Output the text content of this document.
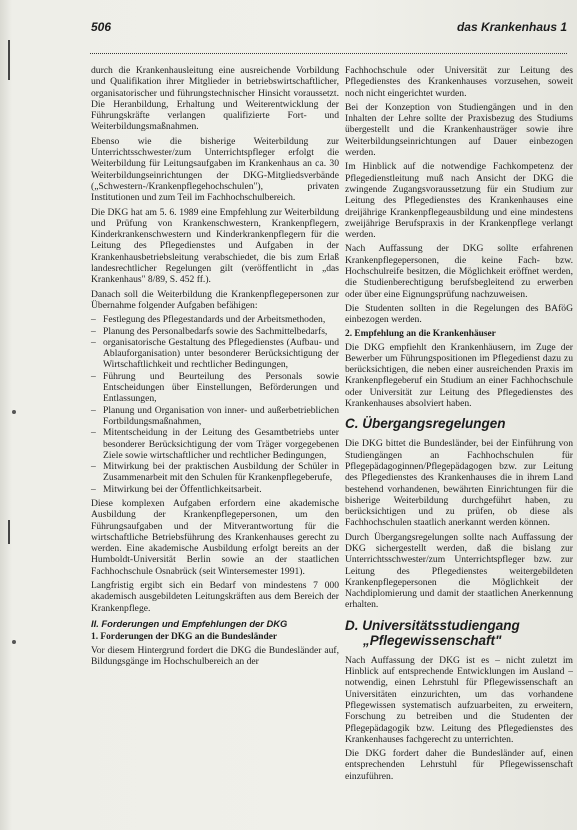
506	das Krankenhaus 1

durch die Krankenhausleitung eine ausreichende Vorbildung und Qualifikation ihrer Mitglieder in betriebswirtschaftlicher, organisatorischer und führungstechnischer Hinsicht voraussetzt. Die Heranbildung, Erhaltung und Weiterentwicklung der Führungskräfte verlangen qualifizierte Fort- und Weiterbildungsmaßnahmen.

Ebenso wie die bisherige Weiterbildung zur Unterrichtsschwester/zum Unterrichtspfleger erfolgt die Weiterbildung für Leitungsaufgaben im Krankenhaus an ca. 30 Weiterbildungseinrichtungen der DKG-Mitgliedsverbände („Schwestern-/Krankenpflegehochschulen"), privaten Institutionen und zum Teil im Fachhochschulbereich.

Die DKG hat am 5. 6. 1989 eine Empfehlung zur Weiterbildung und Prüfung von Krankenschwestern, Krankenpflegern, Kinderkrankenschwestern und Kinderkrankenpflegern für die Leitung des Pflegedienstes und Aufgaben in der Krankenhausbetriebsleitung verabschiedet, die bis zum Erlaß landesrechtlicher Regelungen gilt (veröffentlicht in „das Krankenhaus" 8/89, S. 452 ff.).

Danach soll die Weiterbildung die Krankenpflegepersonen zur Übernahme folgender Aufgaben befähigen:

– Festlegung des Pflegestandards und der Arbeitsmethoden,
– Planung des Personalbedarfs sowie des Sachmittelbedarfs,
– organisatorische Gestaltung des Pflegedienstes (Aufbau- und Ablauforganisation) unter besonderer Berücksichtigung der Wirtschaftlichkeit und rechtlicher Bedingungen,
– Führung und Beurteilung des Personals sowie Entscheidungen über Einstellungen, Beförderungen und Entlassungen,
– Planung und Organisation von inner- und außerbetrieblichen Fortbildungsmaßnahmen,
– Mitentscheidung in der Leitung des Gesamtbetriebs unter besonderer Berücksichtigung der vom Träger vorgegebenen Ziele sowie wirtschaftlicher und rechtlicher Bedingungen,
– Mitwirkung bei der praktischen Ausbildung der Schüler in Zusammenarbeit mit den Schulen für Krankenpflegeberufe,
– Mitwirkung bei der Öffentlichkeitsarbeit.

Diese komplexen Aufgaben erfordern eine akademische Ausbildung der Krankenpflegepersonen, um den Führungsaufgaben und der Mitverantwortung für die wirtschaftliche Betriebsführung des Krankenhauses gerecht zu werden. Eine akademische Ausbildung erfolgt bereits an der Humboldt-Universität Berlin sowie an der staatlichen Fachhochschule Osnabrück (seit Wintersemester 1991).

Langfristig ergibt sich ein Bedarf von mindestens 7 000 akademisch ausgebildeten Leitungskräften aus dem Bereich der Krankenpflege.

II. Forderungen und Empfehlungen der DKG
1. Forderungen der DKG an die Bundesländer

Vor diesem Hintergrund fordert die DKG die Bundesländer auf, Bildungsgänge im Hochschulbereich an der

Fachhochschule oder Universität zur Leitung des Pflegedienstes des Krankenhauses vorzusehen, soweit noch nicht eingerichtet wurden.

Bei der Konzeption von Studiengängen und in den Inhalten der Lehre sollte der Praxisbezug des Studiums übergestellt und die Krankenhausträger sowie ihre Weiterbildungseinrichtungen auf Dauer einbezogen werden.

Im Hinblick auf die notwendige Fachkompetenz der Pflegedienstleitung muß nach Ansicht der DKG die zwingende Zugangsvoraussetzung für ein Studium zur Leitung des Pflegedienstes des Krankenhauses eine dreijährige Krankenpflegeausbildung und eine mindestens zweijährige Berufspraxis in der Krankenpflege verlangt werden.

Nach Auffassung der DKG sollte erfahrenen Krankenpflegepersonen, die keine Fach- bzw. Hochschulreife besitzen, die Möglichkeit eröffnet werden, die Studienberechtigung berufsbegleitend zu erwerben oder über eine Eignungsprüfung nachzuweisen.

Die Studenten sollten in die Regelungen des BAföG einbezogen werden.

2. Empfehlung an die Krankenhäuser

Die DKG empfiehlt den Krankenhäusern, im Zuge der Bewerber um Führungspositionen im Pflegedienst dazu zu berücksichtigen, die neben einer ausreichenden Praxis im Krankenpflegeberuf ein Studium an einer Fachhochschule oder Universität zur Leitung des Pflegedienstes des Krankenhauses absolviert haben.

C. Übergangsregelungen

Die DKG bittet die Bundesländer, bei der Einführung von Studiengängen an Fachhochschulen für Pflegepädagoginnen/Pflegepädagogen bzw. zur Leitung des Pflegedienstes des Krankenhauses die in ihrem Land bestehend vorhandenen, bewährten Einrichtungen für die bisherige Weiterbildung durchgeführt haben, zu berücksichtigen und zu prüfen, ob diese als Fachhochschulen staatlich anerkannt werden können.

Durch Übergangsregelungen sollte nach Auffassung der DKG sichergestellt werden, daß die bislang zur Unterrichtsschwester/zum Unterrichtspfleger bzw. zur Leitung des Pflegedienstes weitergebildeten Krankenpflegepersonen die Möglichkeit der Nachdiplomierung und damit der staatlichen Anerkennung erhalten.

D. Universitätsstudiengang
„Pflegewissenschaft"

Nach Auffassung der DKG ist es – nicht zuletzt im Hinblick auf entsprechende Entwicklungen im Ausland – notwendig, einen Lehrstuhl für Pflegewissenschaft an Universitäten einzurichten, um das vorhandene Pflegewissen systematisch aufzuarbeiten, zu erweitern, Forschung zu betreiben und die Studenten der Pflegepädagogik bzw. Leitung des Pflegedienstes des Krankenhauses fachgerecht zu unterrichten.

Die DKG fordert daher die Bundesländer auf, einen entsprechenden Lehrstuhl für Pflegewissenschaft einzuführen.
